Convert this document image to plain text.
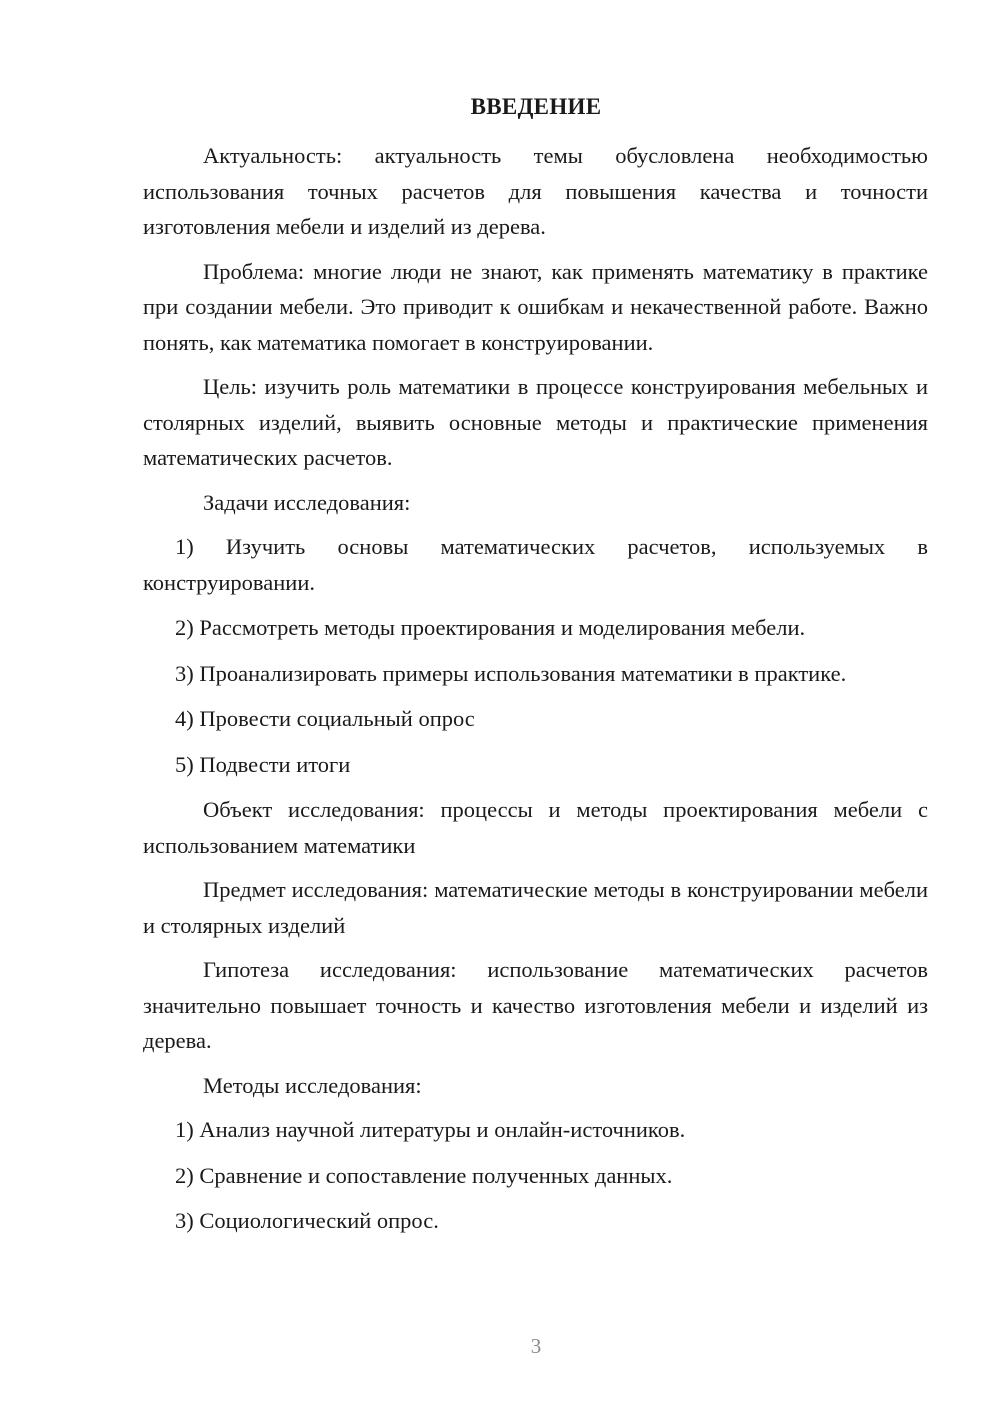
ВВЕДЕНИЕ

Актуальность: актуальность темы обусловлена необходимостью использования точных расчетов для повышения качества и точности изготовления мебели и изделий из дерева.

Проблема: многие люди не знают, как применять математику в практике при создании мебели. Это приводит к ошибкам и некачественной работе. Важно понять, как математика помогает в конструировании.

Цель: изучить роль математики в процессе конструирования мебельных и столярных изделий, выявить основные методы и практические применения математических расчетов.

Задачи исследования:

1) Изучить основы математических расчетов, используемых в конструировании.

2) Рассмотреть методы проектирования и моделирования мебели.

3) Проанализировать примеры использования математики в практике.

4) Провести социальный опрос

5) Подвести итоги

Объект исследования: процессы и методы проектирования мебели с использованием математики

Предмет исследования: математические методы в конструировании мебели и столярных изделий

Гипотеза исследования: использование математических расчетов значительно повышает точность и качество изготовления мебели и изделий из дерева.

Методы исследования:

1) Анализ научной литературы и онлайн-источников.

2) Сравнение и сопоставление полученных данных.

3) Социологический опрос.

3
